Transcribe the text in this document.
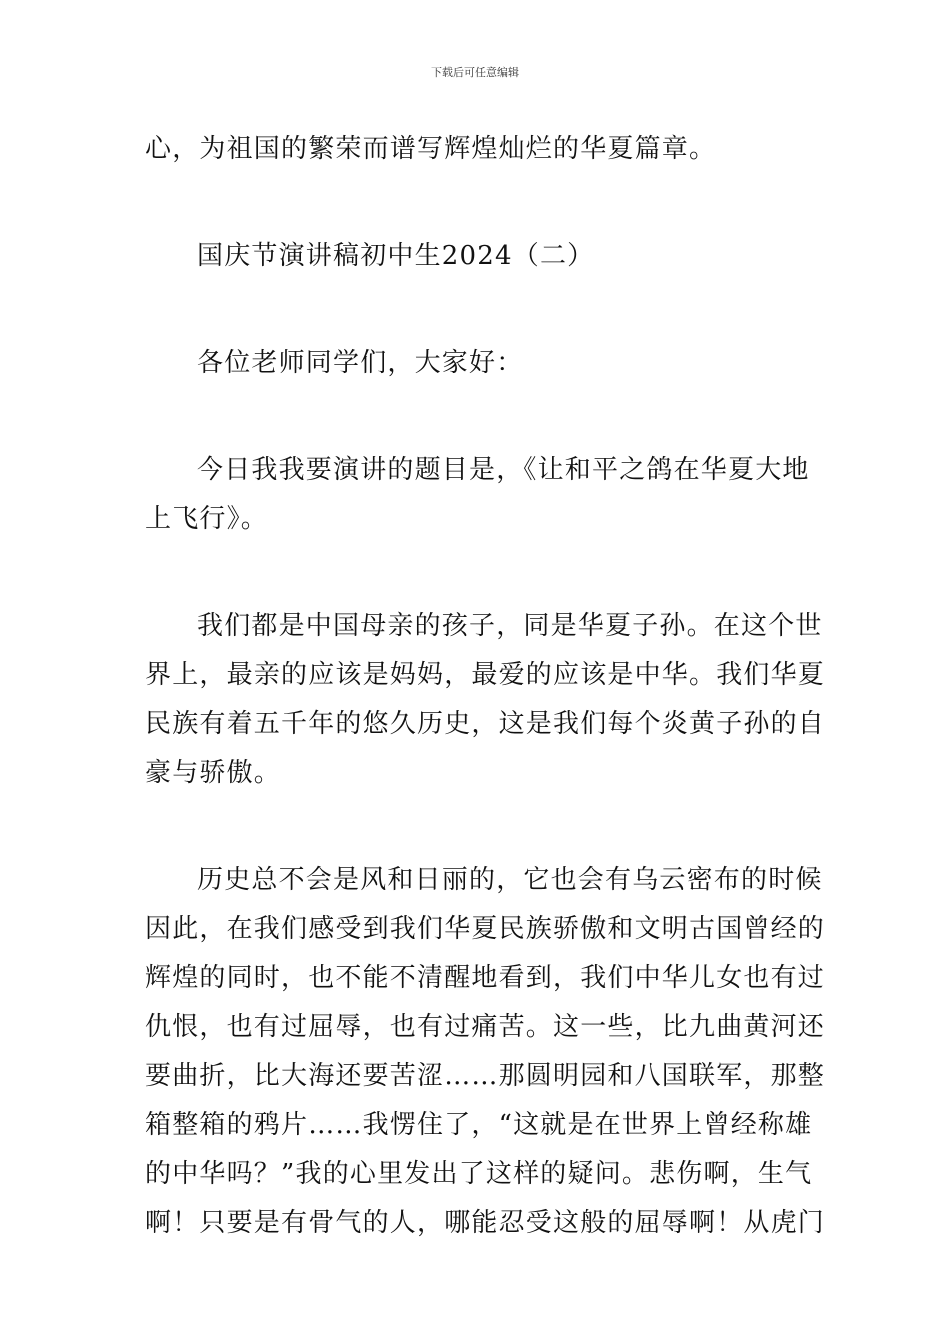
下载后可任意编辑

心，为祖国的繁荣而谱写辉煌灿烂的华夏篇章。

国庆节演讲稿初中生2024（二）

各位老师同学们，大家好：

今日我我要演讲的题目是，《让和平之鸽在华夏大地
上飞行》。

我们都是中国母亲的孩子，同是华夏子孙。在这个世
界上，最亲的应该是妈妈，最爱的应该是中华。我们华夏
民族有着五千年的悠久历史，这是我们每个炎黄子孙的自
豪与骄傲。

历史总不会是风和日丽的，它也会有乌云密布的时候
因此，在我们感受到我们华夏民族骄傲和文明古国曾经的
辉煌的同时，也不能不清醒地看到，我们中华儿女也有过
仇恨，也有过屈辱，也有过痛苦。这一些，比九曲黄河还
要曲折，比大海还要苦涩……那圆明园和八国联军，那整
箱整箱的鸦片……我愣住了，“这就是在世界上曾经称雄
的中华吗？”我的心里发出了这样的疑问。悲伤啊，生气
啊！只要是有骨气的人，哪能忍受这般的屈辱啊！从虎门
